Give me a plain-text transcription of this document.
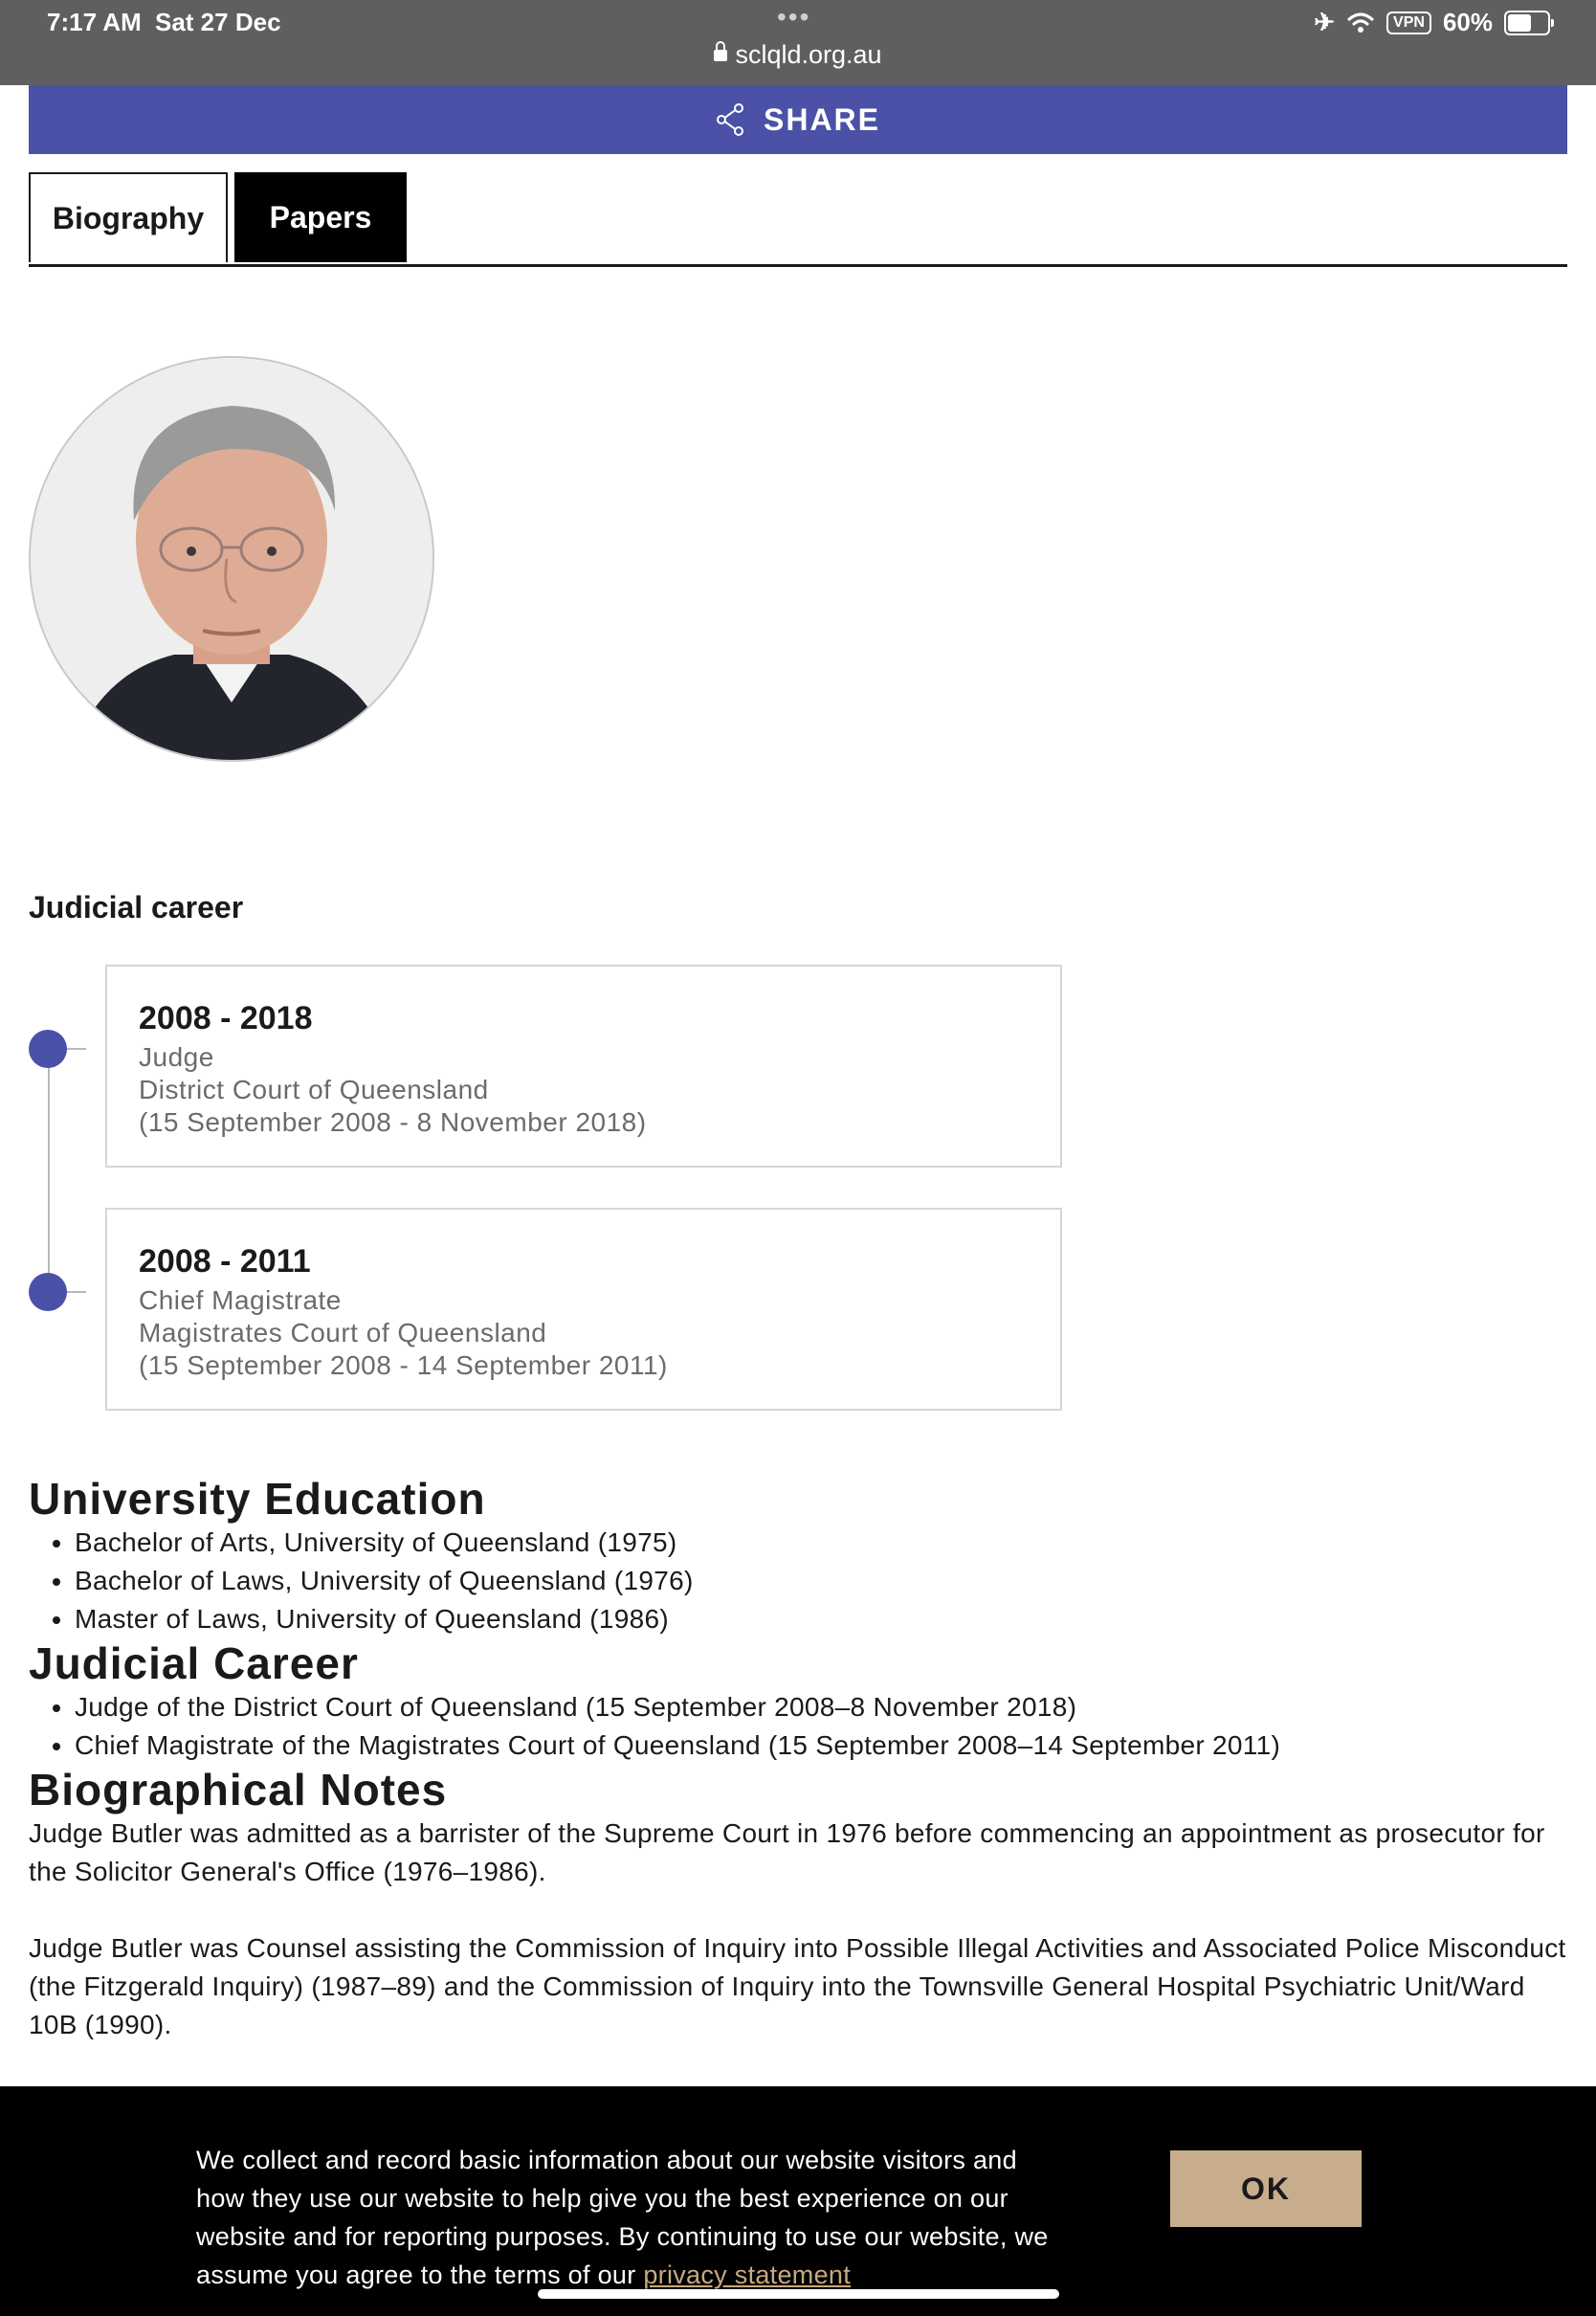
7:17 AM Sat 27 Dec	•••
sclqld.org.au
✈	VPN 60%
SHARE
Biography	Papers
Judicial career
2008 - 2018
Judge
District Court of Queensland
(15 September 2008 - 8 November 2018)
2008 - 2011
Chief Magistrate
Magistrates Court of Queensland
(15 September 2008 - 14 September 2011)
University Education
• Bachelor of Arts, University of Queensland (1975)
• Bachelor of Laws, University of Queensland (1976)
• Master of Laws, University of Queensland (1986)
Judicial Career
• Judge of the District Court of Queensland (15 September 2008–8 November 2018)
• Chief Magistrate of the Magistrates Court of Queensland (15 September 2008–14 September 2011)
Biographical Notes

Judge Butler was admitted as a barrister of the Supreme Court in 1976 before commencing an appointment as prosecutor for the Solicitor General's Office (1976–1986).

Judge Butler was Counsel assisting the Commission of Inquiry into Possible Illegal Activities and Associated Police Misconduct (the Fitzgerald Inquiry) (1987–89) and the Commission of Inquiry into the Townsville General Hospital Psychiatric Unit/Ward 10B (1990).

We collect and record basic information about our website visitors and how they use our website to help give you the best experience on our website and for reporting purposes. By continuing to use our website, we assume you agree to the terms of our privacy statement
OK
